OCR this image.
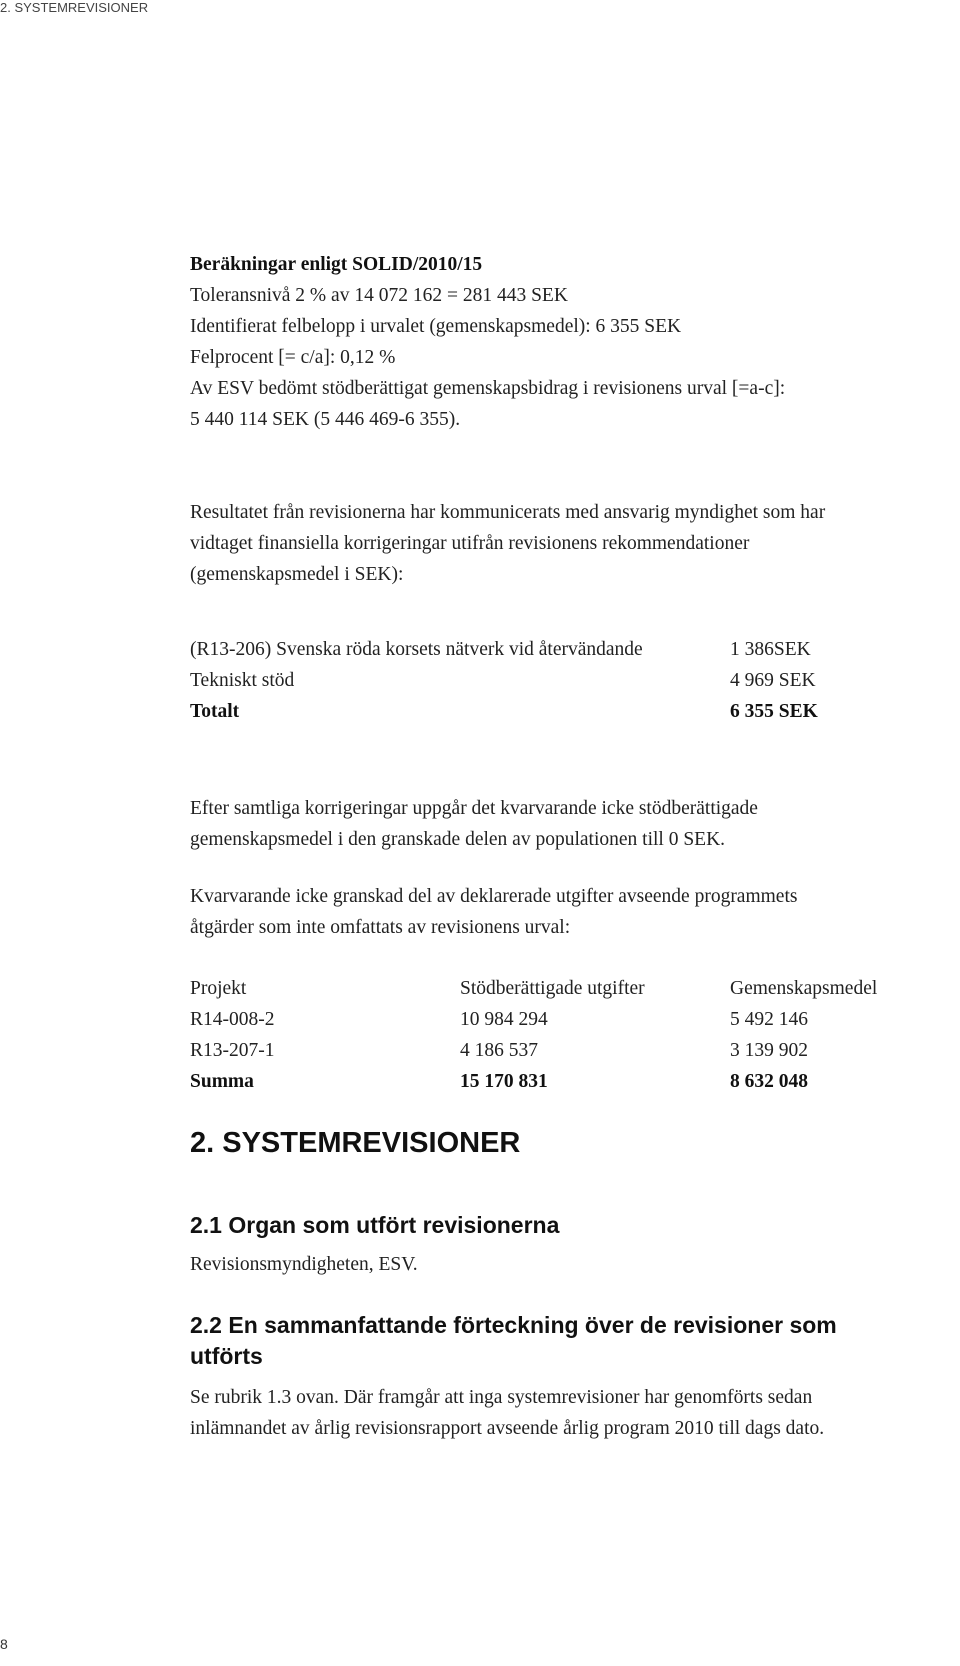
2. SYSTEMREVISIONER
Beräkningar enligt SOLID/2010/15
Toleransnivå 2 % av 14 072 162 = 281 443 SEK
Identifierat felbelopp i urvalet (gemenskapsmedel): 6 355 SEK
Felprocent [= c/a]: 0,12 %
Av ESV bedömt stödberättigat gemenskapsbidrag i revisionens urval [=a-c]:
5 440 114 SEK (5 446 469-6 355).
Resultatet från revisionerna har kommunicerats med ansvarig myndighet som har
vidtaget finansiella korrigeringar utifrån revisionens rekommendationer
(gemenskapsmedel i SEK):
(R13-206) Svenska röda korsets nätverk vid återvändande	1 386SEK
Tekniskt stöd	4 969 SEK
Totalt	6 355 SEK
Efter samtliga korrigeringar uppgår det kvarvarande icke stödberättigade
gemenskapsmedel i den granskade delen av populationen till 0 SEK.
Kvarvarande icke granskad del av deklarerade utgifter avseende programmets
åtgärder som inte omfattats av revisionens urval:
Projekt	Stödberättigade utgifter	Gemenskapsmedel
R14-008-2	10 984 294	5 492 146
R13-207-1	4 186 537	3 139 902
Summa	15 170 831	8 632 048
2. SYSTEMREVISIONER
2.1 Organ som utfört revisionerna
Revisionsmyndigheten, ESV.
2.2 En sammanfattande förteckning över de revisioner som
utförts
Se rubrik 1.3 ovan. Där framgår att inga systemrevisioner har genomförts sedan
inlämnandet av årlig revisionsrapport avseende årlig program 2010 till dags dato.
8
